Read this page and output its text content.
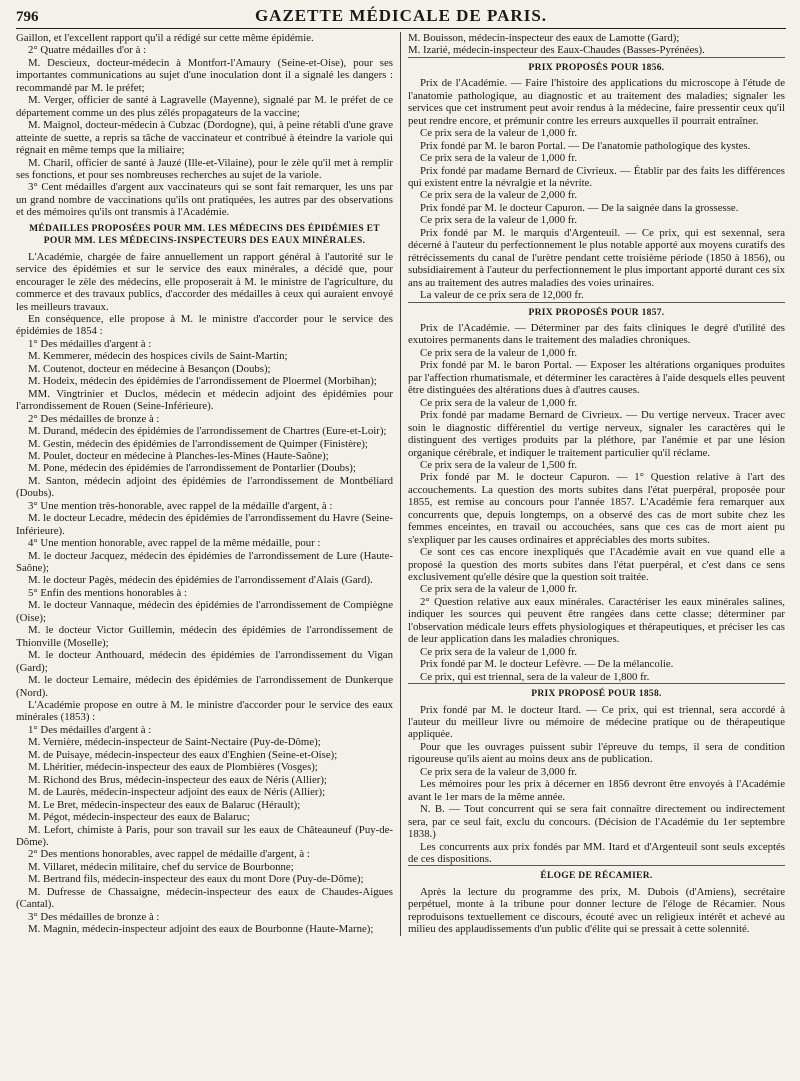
796	GAZETTE MÉDICALE DE PARIS.

Gaillon, et l'excellent rapport qu'il a rédigé sur cette même épidémie.

2° Quatre médailles d'or à :

M. Descieux, docteur-médecin à Montfort-l'Amaury (Seine-et-Oise), pour ses importantes communications au sujet d'une inoculation dont il a signalé les dangers : recommandé par M. le préfet;

M. Verger, officier de santé à Lagravelle (Mayenne), signalé par M. le préfet de ce département comme un des plus zélés propagateurs de la vaccine;

M. Maignol, docteur-médecin à Cubzac (Dordogne), qui, à peine rétabli d'une grave atteinte de suette, a repris sa tâche de vaccinateur et contribué à éteindre la variole qui régnait en même temps que la miliaire;

M. Charil, officier de santé à Jauzé (Ille-et-Vilaine), pour le zèle qu'il met à remplir ses fonctions, et pour ses nombreuses recherches au sujet de la variole.

3° Cent médailles d'argent aux vaccinateurs qui se sont fait remarquer, les uns par un grand nombre de vaccinations qu'ils ont pratiquées, les autres par des observations et des mémoires qu'ils ont transmis à l'Académie.

MÉDAILLES PROPOSÉES POUR MM. LES MÉDECINS DES ÉPIDÉMIES ET POUR MM. LES MÉDECINS-INSPECTEURS DES EAUX MINÉRALES.

L'Académie, chargée de faire annuellement un rapport général à l'autorité sur le service des épidémies et sur le service des eaux minérales, a décidé que, pour encourager le zèle des médecins, elle proposerait à M. le ministre de l'agriculture, du commerce et des travaux publics, d'accorder des médailles à ceux qui auraient envoyé les meilleurs travaux.

En conséquence, elle propose à M. le ministre d'accorder pour le service des épidémies de 1854 :

1° Des médailles d'argent à :

M. Kemmerer, médecin des hospices civils de Saint-Martin;

M. Coutenot, docteur en médecine à Besançon (Doubs);

M. Hodeix, médecin des épidémies de l'arrondissement de Ploermel (Morbihan);

MM. Vingtrinier et Duclos, médecin et médecin adjoint des épidémies pour l'arrondissement de Rouen (Seine-Inférieure).

2° Des médailles de bronze à :

M. Durand, médecin des épidémies de l'arrondissement de Chartres (Eure-et-Loir);

M. Gestin, médecin des épidémies de l'arrondissement de Quimper (Finistère);

M. Poulet, docteur en médecine à Planches-les-Mines (Haute-Saône);

M. Pone, médecin des épidémies de l'arrondissement de Pontarlier (Doubs);

M. Santon, médecin adjoint des épidémies de l'arrondissement de Montbéliard (Doubs).

3° Une mention très-honorable, avec rappel de la médaille d'argent, à :

M. le docteur Lecadre, médecin des épidémies de l'arrondissement du Havre (Seine-Inférieure).

4° Une mention honorable, avec rappel de la même médaille, pour :

M. le docteur Jacquez, médecin des épidémies de l'arrondissement de Lure (Haute-Saône);

M. le docteur Pagès, médecin des épidémies de l'arrondissement d'Alais (Gard).

5° Enfin des mentions honorables à :

M. le docteur Vannaque, médecin des épidémies de l'arrondissement de Compiègne (Oise);

M. le docteur Victor Guillemin, médecin des épidémies de l'arrondissement de Thionville (Moselle);

M. le docteur Anthouard, médecin des épidémies de l'arrondissement du Vigan (Gard);

M. le docteur Lemaire, médecin des épidémies de l'arrondissement de Dunkerque (Nord).

L'Académie propose en outre à M. le ministre d'accorder pour le service des eaux minérales (1853) :

1° Des médailles d'argent à :

M. Vernière, médecin-inspecteur de Saint-Nectaire (Puy-de-Dôme);

M. de Puisaye, médecin-inspecteur des eaux d'Enghien (Seine-et-Oise);

M. Lhéritier, médecin-inspecteur des eaux de Plombières (Vosges);

M. Richond des Brus, médecin-inspecteur des eaux de Néris (Allier);

M. de Laurès, médecin-inspecteur adjoint des eaux de Néris (Allier);

M. Le Bret, médecin-inspecteur des eaux de Balaruc (Hérault);

M. Pégot, médecin-inspecteur des eaux de Balaruc;

M. Lefort, chimiste à Paris, pour son travail sur les eaux de Châteauneuf (Puy-de-Dôme).

2° Des mentions honorables, avec rappel de médaille d'argent, à :

M. Villaret, médecin militaire, chef du service de Bourbonne;

M. Bertrand fils, médecin-inspecteur des eaux du mont Dore (Puy-de-Dôme);

M. Dufresse de Chassaigne, médecin-inspecteur des eaux de Chaudes-Aigues (Cantal).

3° Des médailles de bronze à :

M. Magnin, médecin-inspecteur adjoint des eaux de Bourbonne (Haute-Marne);

M. Bouisson, médecin-inspecteur des eaux de Lamotte (Gard);

M. Izarié, médecin-inspecteur des Eaux-Chaudes (Basses-Pyrénées).

PRIX PROPOSÉS POUR 1856.

Prix de l'Académie. — Faire l'histoire des applications du microscope à l'étude de l'anatomie pathologique, au diagnostic et au traitement des maladies; signaler les services que cet instrument peut avoir rendus à la médecine, faire pressentir ceux qu'il peut rendre encore, et prémunir contre les erreurs auxquelles il pourrait entraîner.

Ce prix sera de la valeur de 1,000 fr.

Prix fondé par M. le baron Portal. — De l'anatomie pathologique des kystes.

Ce prix sera de la valeur de 1,000 fr.

Prix fondé par madame Bernard de Civrieux. — Établir par des faits les différences qui existent entre la névralgie et la névrite.

Ce prix sera de la valeur de 2,000 fr.

Prix fondé par M. le docteur Capuron. — De la saignée dans la grossesse.

Ce prix sera de la valeur de 1,000 fr.

Prix fondé par M. le marquis d'Argenteuil. — Ce prix, qui est sexennal, sera décerné à l'auteur du perfectionnement le plus notable apporté aux moyens curatifs des rétrécissements du canal de l'urètre pendant cette troisième période (1850 à 1856), ou subsidiairement à l'auteur du perfectionnement le plus important apporté durant ces six ans au traitement des autres maladies des voies urinaires.

La valeur de ce prix sera de 12,000 fr.

PRIX PROPOSÉS POUR 1857.

Prix de l'Académie. — Déterminer par des faits cliniques le degré d'utilité des exutoires permanents dans le traitement des maladies chroniques.

Ce prix sera de la valeur de 1,000 fr.

Prix fondé par M. le baron Portal. — Exposer les altérations organiques produites par l'affection rhumatismale, et déterminer les caractères à l'aide desquels elles peuvent être distinguées des altérations dues à d'autres causes.

Ce prix sera de la valeur de 1,000 fr.

Prix fondé par madame Bernard de Civrieux. — Du vertige nerveux. Tracer avec soin le diagnostic différentiel du vertige nerveux, signaler les caractères qui le distinguent des vertiges produits par la pléthore, par l'anémie et par une lésion organique cérébrale, et indiquer le traitement particulier qu'il réclame.

Ce prix sera de la valeur de 1,500 fr.

Prix fondé par M. le docteur Capuron. — 1° Question relative à l'art des accouchements. La question des morts subites dans l'état puerpéral, proposée pour 1855, est remise au concours pour l'année 1857. L'Académie fera remarquer aux concurrents que, depuis longtemps, on a observé des cas de mort subite chez les femmes enceintes, en travail ou accouchées, sans que ces cas de mort aient pu s'expliquer par les causes ordinaires et appréciables des morts subites.

Ce sont ces cas encore inexpliqués que l'Académie avait en vue quand elle a proposé la question des morts subites dans l'état puerpéral, et c'est dans ce sens exclusivement qu'elle désire que la question soit traitée.

Ce prix sera de la valeur de 1,000 fr.

2° Question relative aux eaux minérales. Caractériser les eaux minérales salines, indiquer les sources qui peuvent être rangées dans cette classe; déterminer par l'observation médicale leurs effets physiologiques et thérapeutiques, et préciser les cas de leur application dans les maladies chroniques.

Ce prix sera de la valeur de 1,000 fr.

Prix fondé par M. le docteur Lefèvre. — De la mélancolie.

Ce prix, qui est triennal, sera de la valeur de 1,800 fr.

PRIX PROPOSÉ POUR 1858.

Prix fondé par M. le docteur Itard. — Ce prix, qui est triennal, sera accordé à l'auteur du meilleur livre ou mémoire de médecine pratique ou de thérapeutique appliquée.

Pour que les ouvrages puissent subir l'épreuve du temps, il sera de condition rigoureuse qu'ils aient au moins deux ans de publication.

Ce prix sera de la valeur de 3,000 fr.

Les mémoires pour les prix à décerner en 1856 devront être envoyés à l'Académie avant le 1er mars de la même année.

N. B. — Tout concurrent qui se sera fait connaître directement ou indirectement sera, par ce seul fait, exclu du concours. (Décision de l'Académie du 1er septembre 1838.)

Les concurrents aux prix fondés par MM. Itard et d'Argenteuil sont seuls exceptés de ces dispositions.

ÉLOGE DE RÉCAMIER.

Après la lecture du programme des prix, M. Dubois (d'Amiens), secrétaire perpétuel, monte à la tribune pour donner lecture de l'éloge de Récamier. Nous reproduisons textuellement ce discours, écouté avec un religieux intérêt et achevé au milieu des applaudissements d'un public d'élite qui se pressait à cette solennité.
